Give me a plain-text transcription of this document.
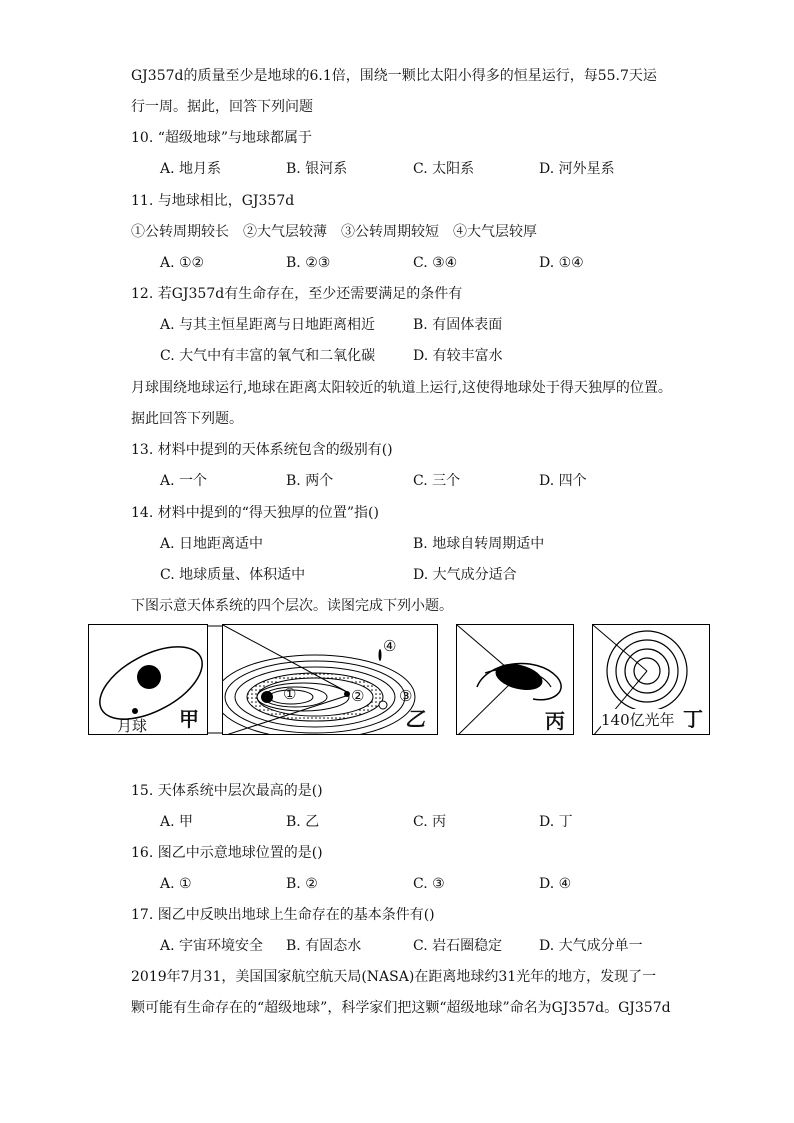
GJ357d的质量至少是地球的6.1倍，围绕一颗比太阳小得多的恒星运行，每55.7天运
行一周。据此，回答下列问题
10. “超级地球”与地球都属于
A. 地月系	B. 银河系	C. 太阳系	D. 河外星系
11. 与地球相比，GJ357d
①公转周期较长　②大气层较薄　③公转周期较短　④大气层较厚
A. ①②	B. ②③	C. ③④	D. ①④
12. 若GJ357d有生命存在，至少还需要满足的条件有
A. 与其主恒星距离与日地距离相近	B. 有固体表面
C. 大气中有丰富的氧气和二氧化碳	D. 有较丰富水
月球围绕地球运行,地球在距离太阳较近的轨道上运行,这使得地球处于得天独厚的位置。
据此回答下列题。
13. 材料中提到的天体系统包含的级别有()
A. 一个	B. 两个	C. 三个	D. 四个
14. 材料中提到的“得天独厚的位置”指()
A. 日地距离适中	B. 地球自转周期适中
C. 地球质量、体积适中	D. 大气成分适合
下图示意天体系统的四个层次。读图完成下列小题。
甲
月球
①	② ③
④
乙	丙 140亿光年 丁
15. 天体系统中层次最高的是()
A. 甲	B. 乙	C. 丙	D. 丁
16. 图乙中示意地球位置的是()
A. ①	B. ②	C. ③	D. ④
17. 图乙中反映出地球上生命存在的基本条件有()
A. 宇宙环境安全 B. 有固态水	C. 岩石圈稳定	D. 大气成分单一
2019年7月31，美国国家航空航天局(NASA)在距离地球约31光年的地方，发现了一
颗可能有生命存在的“超级地球”，科学家们把这颗“超级地球”命名为GJ357d。GJ357d
